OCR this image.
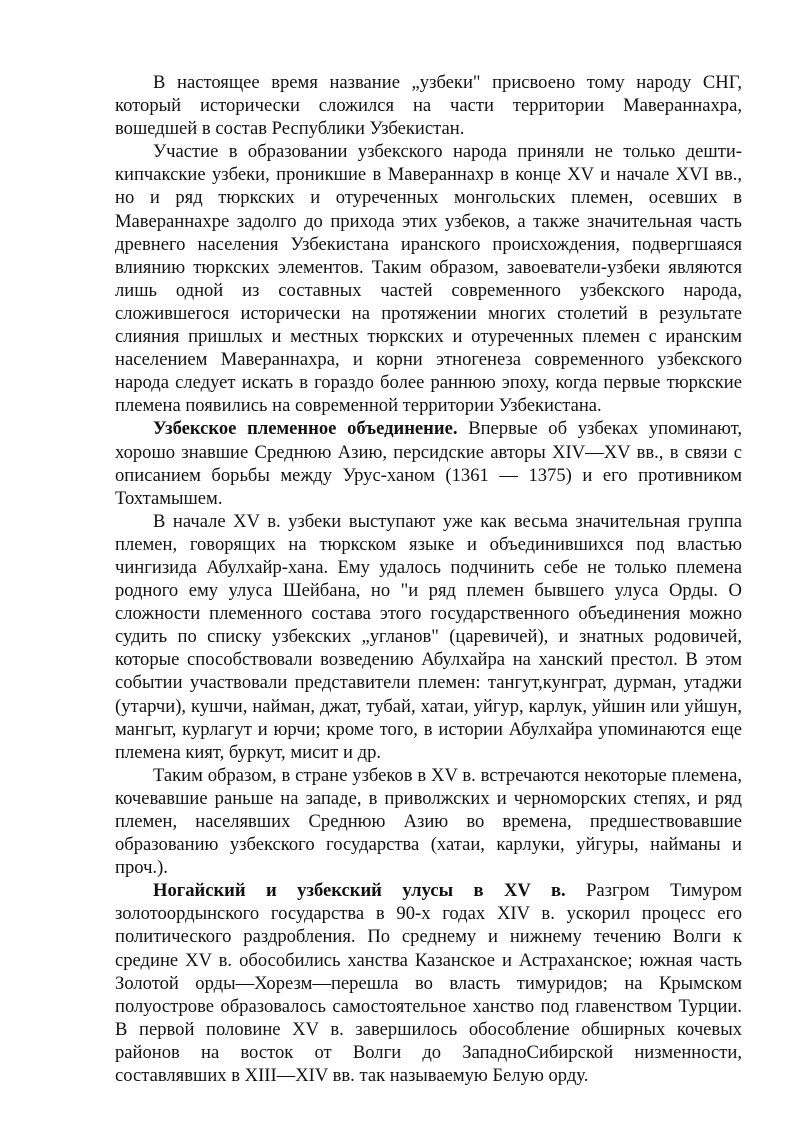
В настоящее время название „узбеки" присвоено тому народу СНГ, который исторически сложился на части территории Мавераннахра, вошедшей в состав Республики Узбекистан.

Участие в образовании узбекского народа приняли не только дешти-кипчакские узбеки, проникшие в Мавераннахр в конце XV и начале XVI вв., но и ряд тюркских и отуреченных монгольских племен, осевших в Мавераннахре задолго до прихода этих узбеков, а также значительная часть древнего населения Узбекистана иранского происхождения, подвергшаяся влиянию тюркских элементов. Таким образом, завоеватели-узбеки являются лишь одной из составных частей современного узбекского народа, сложившегося исторически на протяжении многих столетий в результате слияния пришлых и местных тюркских и отуреченных племен с иранским населением Мавераннахра, и корни этногенеза современного узбекского народа следует искать в гораздо более раннюю эпоху, когда первые тюркские племена появились на современной территории Узбекистана.

Узбекское племенное объединение. Впервые об узбеках упоминают, хорошо знавшие Среднюю Азию, персидские авторы XIV—XV вв., в связи с описанием борьбы между Урус-ханом (1361 — 1375) и его противником Тохтамышем.

В начале XV в. узбеки выступают уже как весьма значительная группа племен, говорящих на тюркском языке и объединившихся под властью чингизида Абулхайр-хана. Ему удалось подчинить себе не только племена родного ему улуса Шейбана, но "и ряд племен бывшего улуса Орды. О сложности племенного состава этого государственного объединения можно судить по списку узбекских „угланов" (царевичей), и знатных родовичей, которые способствовали возведению Абулхайра на ханский престол. В этом событии участвовали представители племен: тангут,кунграт, дурман, утаджи (утарчи), кушчи, найман, джат, тубай, хатаи, уйгур, карлук, уйшин или уйшун, мангыт, курлагут и юрчи; кроме того, в истории Абулхайра упоминаются еще племена кият, буркут, мисит и др.

Таким образом, в стране узбеков в XV в. встречаются некоторые племена, кочевавшие раньше на западе, в приволжских и черноморских степях, и ряд племен, населявших Среднюю Азию во времена, предшествовавшие образованию узбекского государства (хатаи, карлуки, уйгуры, найманы и проч.).

Ногайский и узбекский улусы в XV в. Разгром Тимуром золотоордынского государства в 90-х годах XIV в. ускорил процесс его политического раздробления. По среднему и нижнему течению Волги к средине XV в. обособились ханства Казанское и Астраханское; южная часть Золотой орды—Хорезм—перешла во власть тимуридов; на Крымском полуострове образовалось самостоятельное ханство под главенством Турции. В первой половине XV в. завершилось обособление обширных кочевых районов на восток от Волги до ЗападноСибирской низменности, составлявших в XIII—XIV вв. так называемую Белую орду.
